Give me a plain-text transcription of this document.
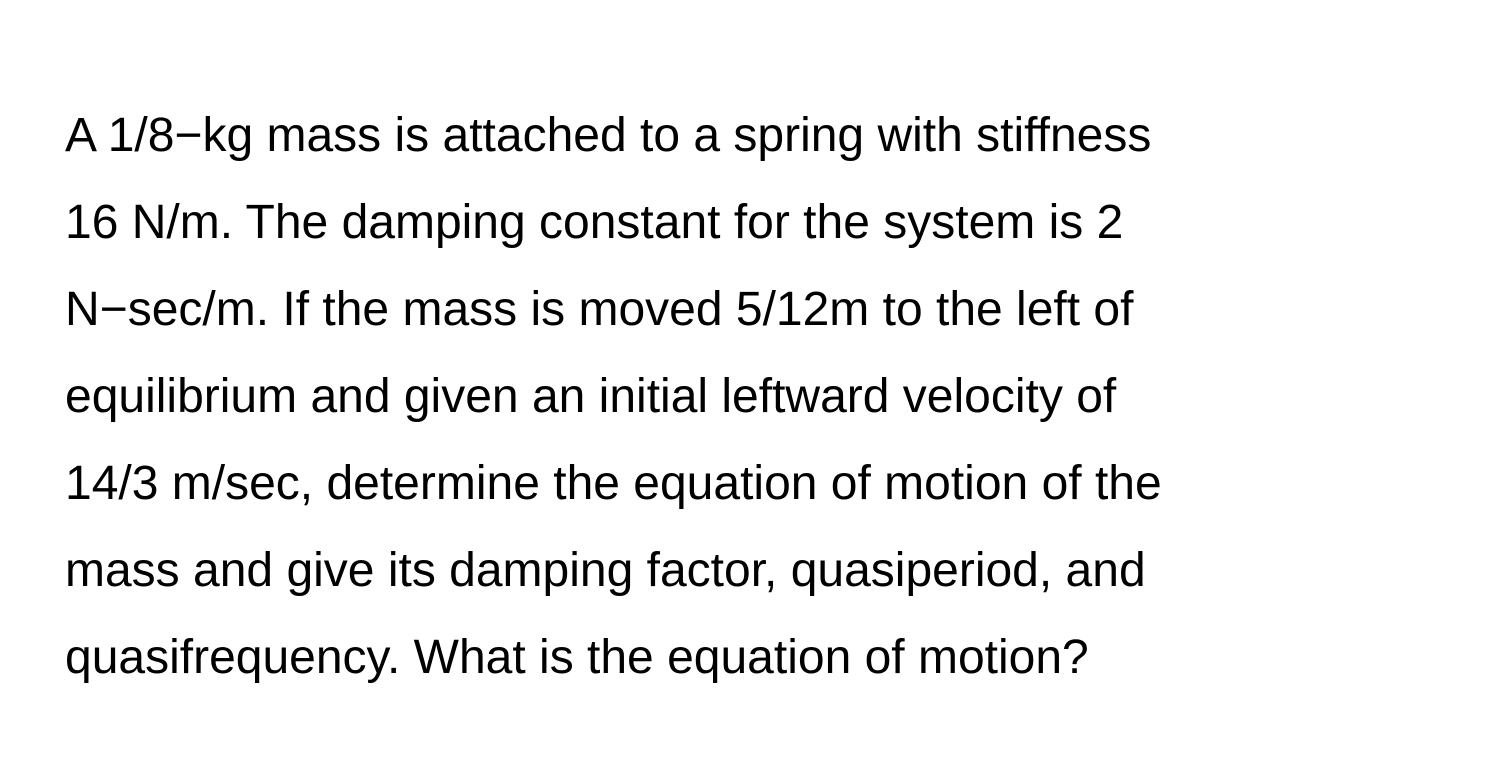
A 1/8−kg mass is attached to a spring with stiffness
16 N/m. The damping constant for the system is 2
N−sec/m. If the mass is moved 5/12m to the left of
equilibrium and given an initial leftward velocity of
14/3 m/sec, determine the equation of motion of the
mass and give its damping factor, quasiperiod, and
quasifrequency. What is the equation of motion?
